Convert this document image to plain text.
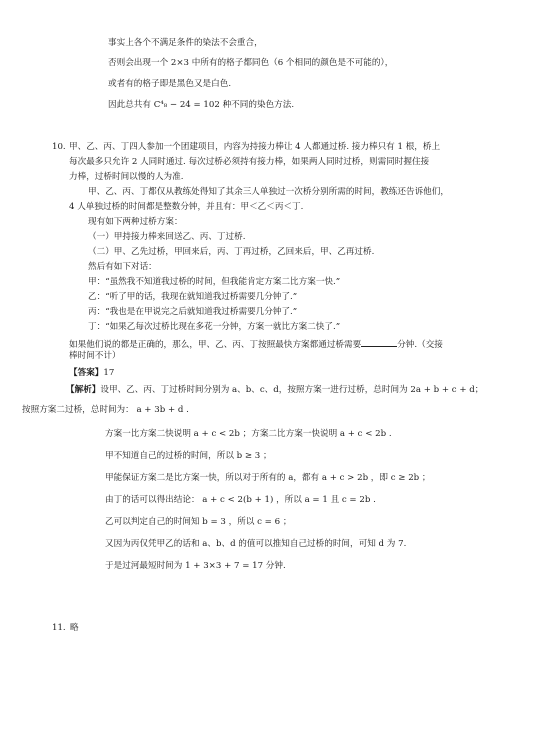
事实上各个不满足条件的染法不会重合，
否则会出现一个 2×3 中所有的格子都同色（6 个相同的颜色是不可能的），
或者有的格子即是黑色又是白色.
因此总共有 C⁴₈ − 24 = 102 种不同的染色方法.
10. 甲、乙、丙、丁四人参加一个团建项目，内容为持接力棒让 4 人都通过桥. 接力棒只有 1 根，桥上
每次最多只允许 2 人同时通过. 每次过桥必须持有接力棒，如果两人同时过桥，则需同时握住接
力棒，过桥时间以慢的人为准.
甲、乙、丙、丁都仅从教练处得知了其余三人单独过一次桥分别所需的时间，教练还告诉他们，
4 人单独过桥的时间都是整数分钟，并且有：甲＜乙＜丙＜丁.
现有如下两种过桥方案：
（一）甲持接力棒来回送乙、丙、丁过桥.
（二）甲、乙先过桥，甲回来后，丙、丁再过桥，乙回来后，甲、乙再过桥.
然后有如下对话：
甲：“虽然我不知道我过桥的时间，但我能肯定方案二比方案一快.”
乙：“听了甲的话，我现在就知道我过桥需要几分钟了.”
丙：“我也是在甲说完之后就知道我过桥需要几分钟了.”
丁：“如果乙每次过桥比现在多花一分钟，方案一就比方案二快了.”
如果他们说的都是正确的，那么，甲、乙、丙、丁按照最快方案都通过桥需要	分钟.（交接
棒时间不计）
【答案】17
【解析】设甲、乙、丙、丁过桥时间分别为 a、b、c、d，按照方案一进行过桥，总时间为 2a + b + c + d；
按照方案二过桥，总时间为： a + 3b + d .
方案一比方案二快说明 a + c < 2b ；方案二比方案一快说明 a + c < 2b .
甲不知道自己的过桥的时间，所以 b ≥ 3 ；
甲能保证方案二是比方案一快，所以对于所有的 a，都有 a + c > 2b ，即 c ≥ 2b ；
由丁的话可以得出结论： a + c < 2(b + 1) ，所以 a = 1 且 c = 2b .
乙可以判定自己的时间知 b = 3 ，所以 c = 6 ；
又因为丙仅凭甲乙的话和 a、b、d 的值可以推知自己过桥的时间，可知 d 为 7.
于是过河最短时间为 1 + 3×3 + 7 = 17 分钟.
11. 略
